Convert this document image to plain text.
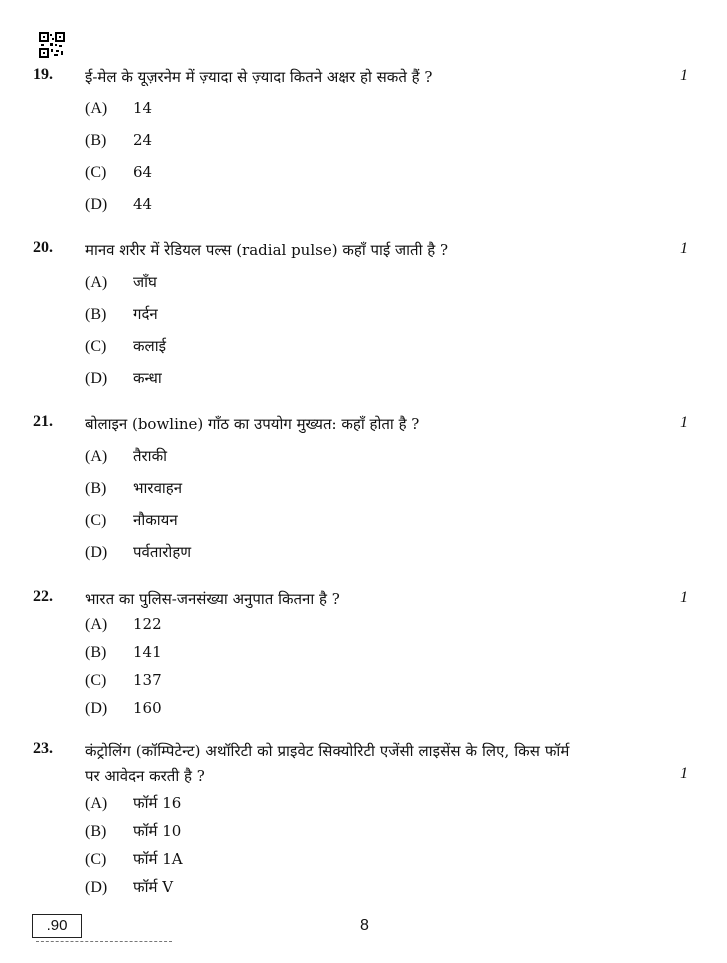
19. ई-मेल के यूज़रनेम में ज़्यादा से ज़्यादा कितने अक्षर हो सकते हैं ?	1
(A) 14
(B) 24
(C) 64
(D) 44
20. मानव शरीर में रेडियल पल्स (radial pulse) कहाँ पाई जाती है ?	1
(A) जाँघ
(B) गर्दन
(C) कलाई
(D) कन्धा
21. बोलाइन (bowline) गाँठ का उपयोग मुख्यत: कहाँ होता है ?	1
(A) तैराकी
(B) भारवाहन
(C) नौकायन
(D) पर्वतारोहण
22. भारत का पुलिस-जनसंख्या अनुपात कितना है ?	1
(A) 122
(B) 141
(C) 137
(D) 160
23. कंट्रोलिंग (कॉम्पिटेन्ट) अथॉरिटी को प्राइवेट सिक्योरिटी एजेंसी लाइसेंस के लिए, किस फॉर्म
पर आवेदन करती है ?	1
(A) फॉर्म 16
(B) फॉर्म 10
(C) फॉर्म 1A
(D) फॉर्म V
.90	8
